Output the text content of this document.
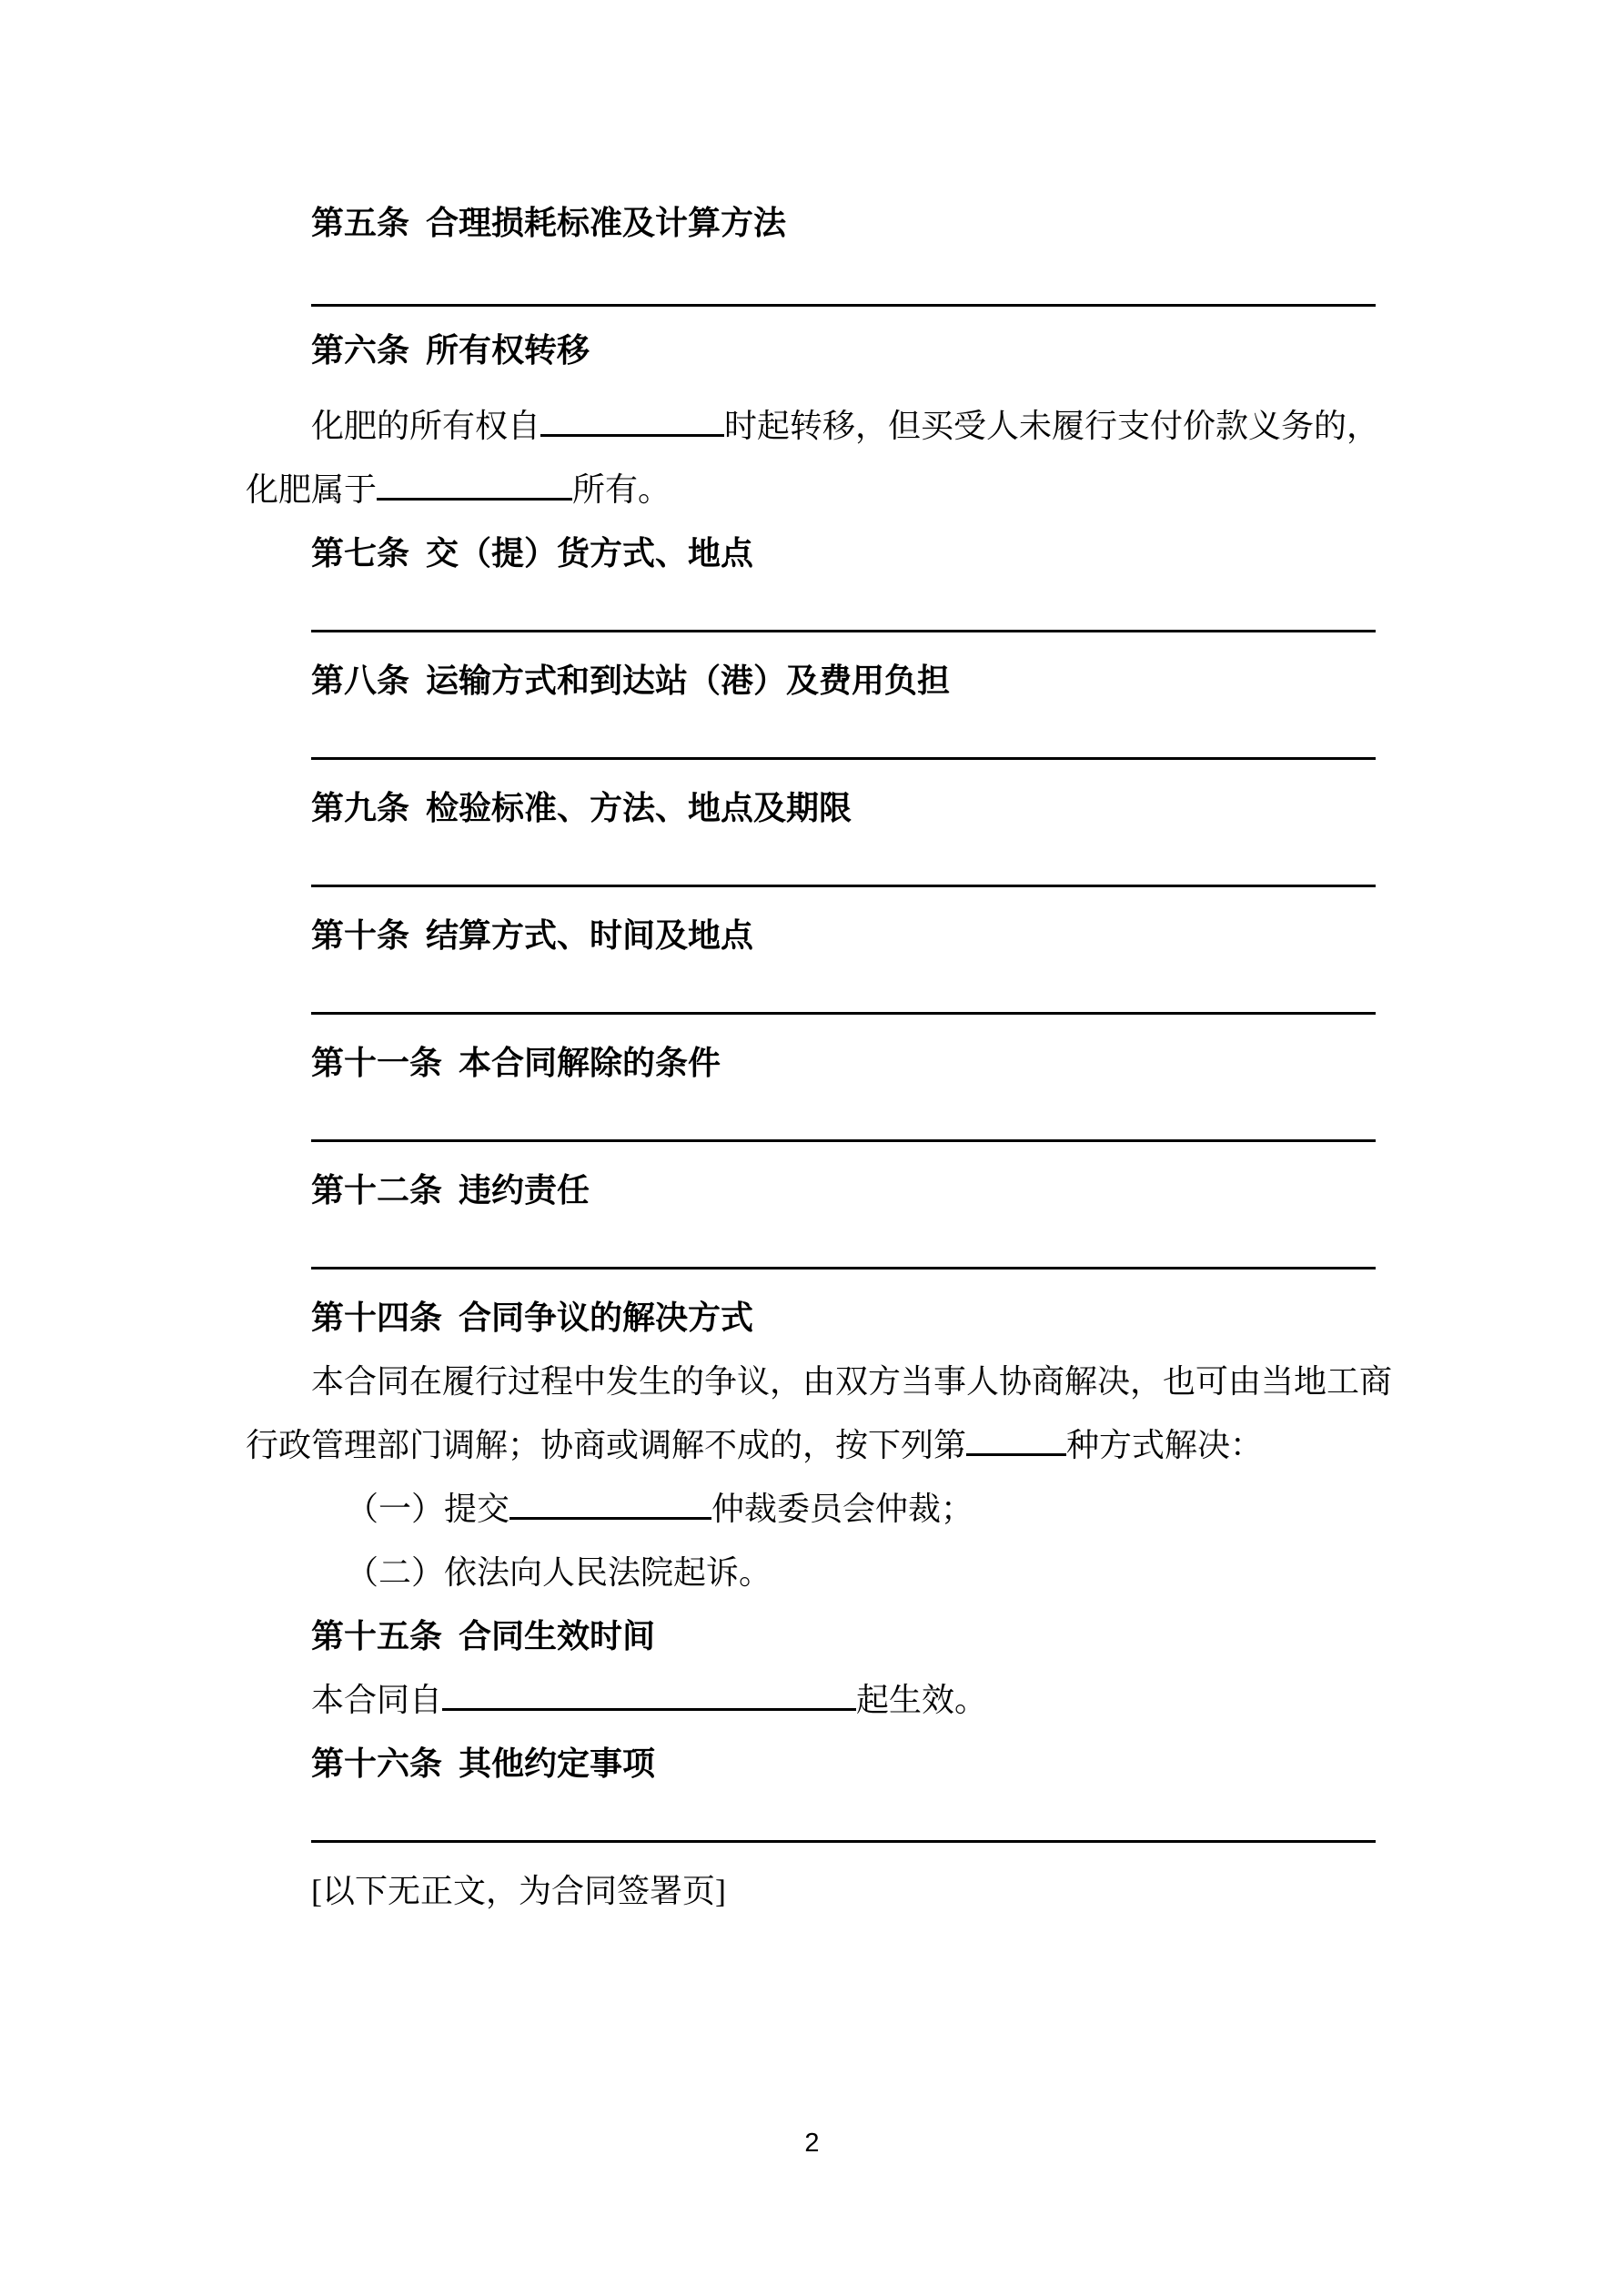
第五条 合理损耗标准及计算方法
第六条 所有权转移
化肥的所有权自	时起转移，但买受人未履行支付价款义务的，
化肥属于	所有。
第七条 交（提）货方式、地点
第八条 运输方式和到达站（港）及费用负担
第九条 检验标准、方法、地点及期限
第十条 结算方式、时间及地点
第十一条 本合同解除的条件
第十二条 违约责任
第十四条 合同争议的解决方式
本合同在履行过程中发生的争议，由双方当事人协商解决，也可由当地工商
行政管理部门调解；协商或调解不成的，按下列第	种方式解决：
（一）提交	仲裁委员会仲裁；
（二）依法向人民法院起诉。
第十五条 合同生效时间
本合同自	起生效。
第十六条 其他约定事项
[以下无正文，为合同签署页]
2
